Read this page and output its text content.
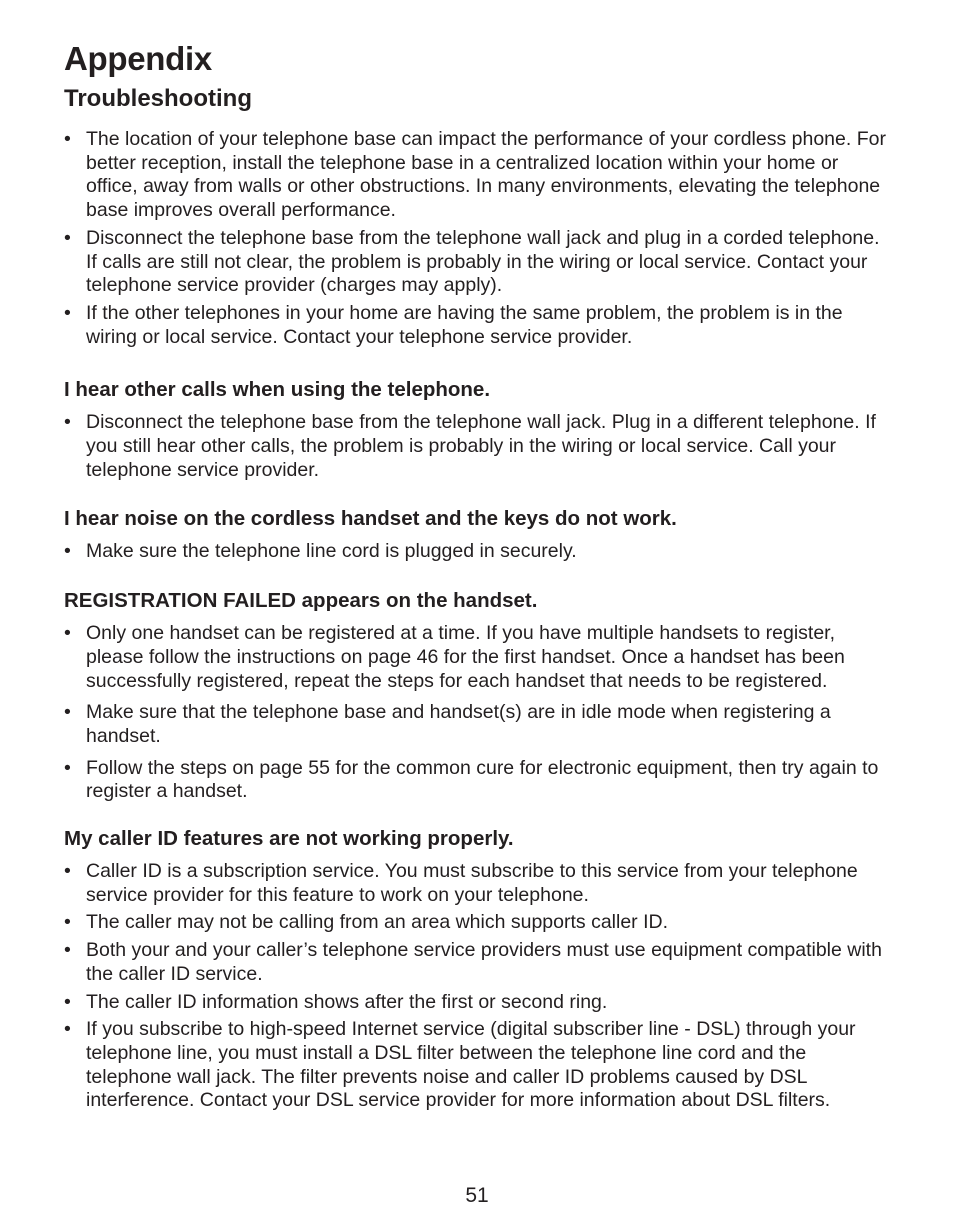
Appendix
Troubleshooting
• The location of your telephone base can impact the performance of your cordless phone. For better reception, install the telephone base in a centralized location within your home or office, away from walls or other obstructions. In many environments, elevating the telephone base improves overall performance.
• Disconnect the telephone base from the telephone wall jack and plug in a corded telephone. If calls are still not clear, the problem is probably in the wiring or local service. Contact your telephone service provider (charges may apply).
• If the other telephones in your home are having the same problem, the problem is in the wiring or local service. Contact your telephone service provider.
I hear other calls when using the telephone.
• Disconnect the telephone base from the telephone wall jack. Plug in a different telephone. If you still hear other calls, the problem is probably in the wiring or local service. Call your telephone service provider.
I hear noise on the cordless handset and the keys do not work.
• Make sure the telephone line cord is plugged in securely.
REGISTRATION FAILED appears on the handset.
• Only one handset can be registered at a time. If you have multiple handsets to register, please follow the instructions on page 46 for the first handset. Once a handset has been successfully registered, repeat the steps for each handset that needs to be registered.
• Make sure that the telephone base and handset(s) are in idle mode when registering a handset.
• Follow the steps on page 55 for the common cure for electronic equipment, then try again to register a handset.
My caller ID features are not working properly.
• Caller ID is a subscription service. You must subscribe to this service from your telephone service provider for this feature to work on your telephone.
• The caller may not be calling from an area which supports caller ID.
• Both your and your caller’s telephone service providers must use equipment compatible with the caller ID service.
• The caller ID information shows after the first or second ring.
• If you subscribe to high-speed Internet service (digital subscriber line - DSL) through your telephone line, you must install a DSL filter between the telephone line cord and the telephone wall jack. The filter prevents noise and caller ID problems caused by DSL interference. Contact your DSL service provider for more information about DSL filters.
51
